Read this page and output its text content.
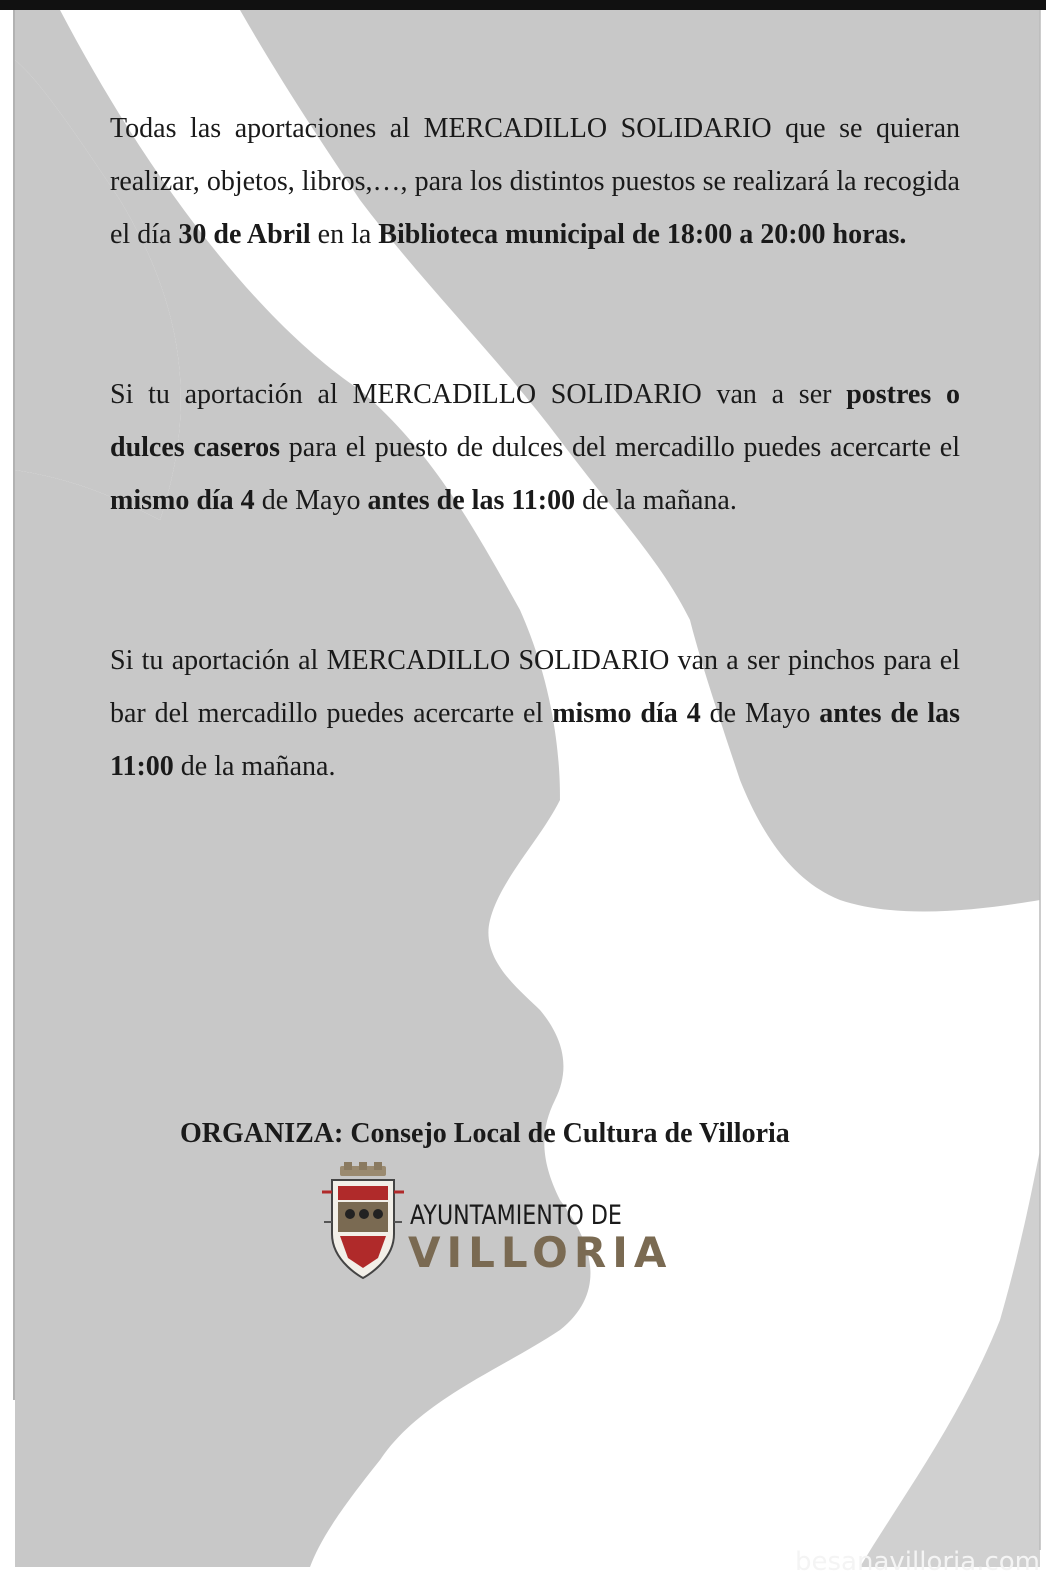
Todas las aportaciones al MERCADILLO SOLIDARIO que se quieran realizar, objetos, libros,…, para los distintos puestos se realizará la recogida el día 30 de Abril en la Biblioteca municipal de 18:00 a 20:00 horas.

Si tu aportación al MERCADILLO SOLIDARIO van a ser postres o dulces caseros para el puesto de dulces del mercadillo puedes acercarte el mismo día 4 de Mayo antes de las 11:00 de la mañana.

Si tu aportación al MERCADILLO SOLIDARIO van a ser pinchos para el bar del mercadillo puedes acercarte el mismo día 4 de Mayo antes de las 11:00 de la mañana.

ORGANIZA: Consejo Local de Cultura de Villoria
AYUNTAMIENTO DE
VILLORIA
besanavilloria.com
